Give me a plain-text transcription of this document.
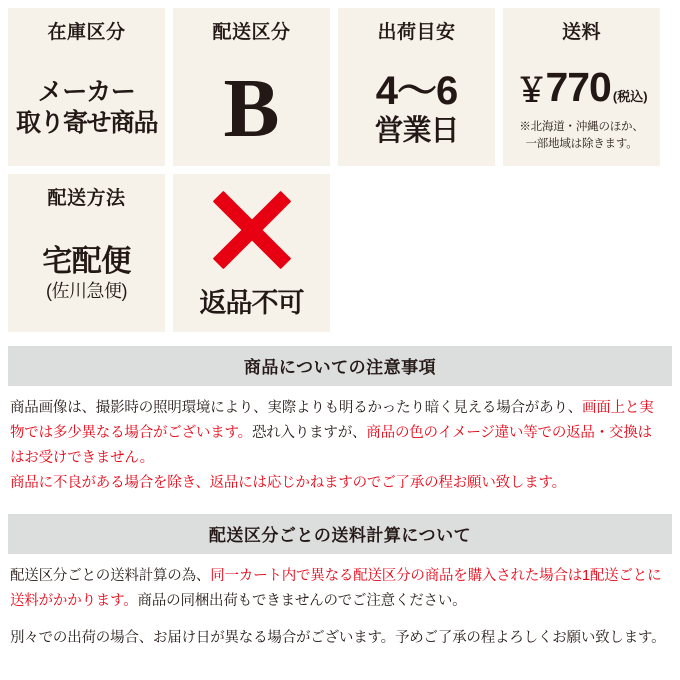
在庫区分
メーカー
取り寄せ商品
配送区分
B
出荷目安
4〜6
営業日
送料
￥ 770 (税込)
※北海道・沖縄のほか、
一部地域は除きます。
配送方法
宅配便
(佐川急便)	返品不可
商品についての注意事項

商品画像は、撮影時の照明環境により、実際よりも明るかったり暗く見える場合があり、画面上と実

物では多少異なる場合がございます。恐れ入りますが、商品の色のイメージ違い等での返品・交換は

はお受けできません。

商品に不良がある場合を除き、返品には応じかねますのでご了承の程お願い致します。

配送区分ごとの送料計算について

配送区分ごとの送料計算の為、同一カート内で異なる配送区分の商品を購入された場合は1配送ごとに

送料がかかります。商品の同梱出荷もできませんのでご注意ください。

別々での出荷の場合、お届け日が異なる場合がございます。予めご了承の程よろしくお願い致します。
